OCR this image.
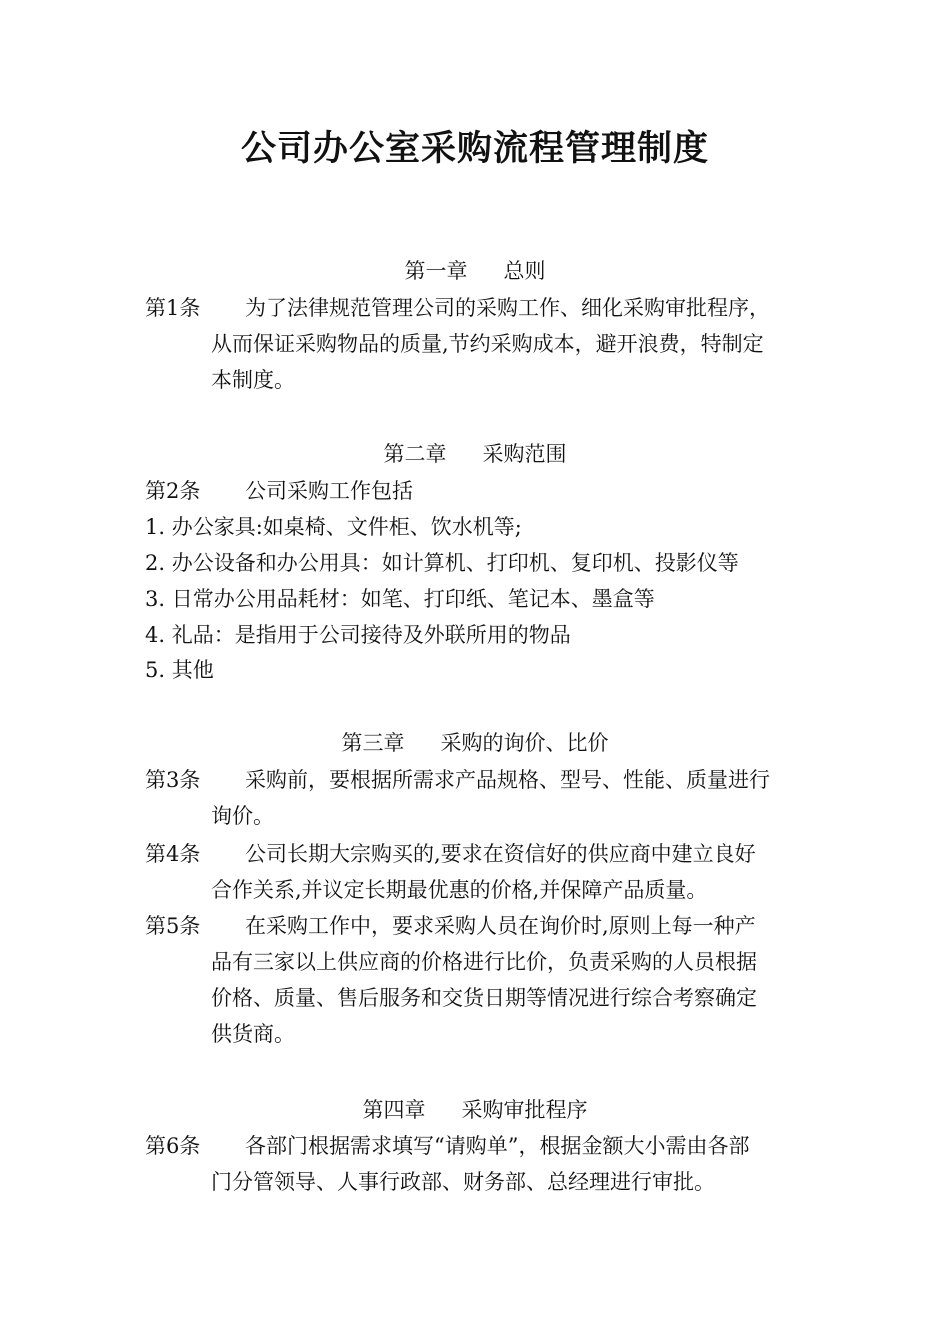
公司办公室采购流程管理制度
第一章 总则
第1条	为了法律规范管理公司的采购工作、细化采购审批程序，
从而保证采购物品的质量,节约采购成本，避开浪费，特制定
本制度。
第二章 采购范围
第2条	公司采购工作包括
1. 办公家具:如桌椅、文件柜、饮水机等;
2. 办公设备和办公用具：如计算机、打印机、复印机、投影仪等
3. 日常办公用品耗材：如笔、打印纸、笔记本、墨盒等
4. 礼品：是指用于公司接待及外联所用的物品
5. 其他
第三章 采购的询价、比价
第3条	采购前，要根据所需求产品规格、型号、性能、质量进行
询价。
第4条	公司长期大宗购买的,要求在资信好的供应商中建立良好
合作关系,并议定长期最优惠的价格,并保障产品质量。
第5条	在采购工作中，要求采购人员在询价时,原则上每一种产
品有三家以上供应商的价格进行比价，负责采购的人员根据
价格、质量、售后服务和交货日期等情况进行综合考察确定
供货商。
第四章 采购审批程序
第6条	各部门根据需求填写“请购单”，根据金额大小需由各部
门分管领导、人事行政部、财务部、总经理进行审批。
